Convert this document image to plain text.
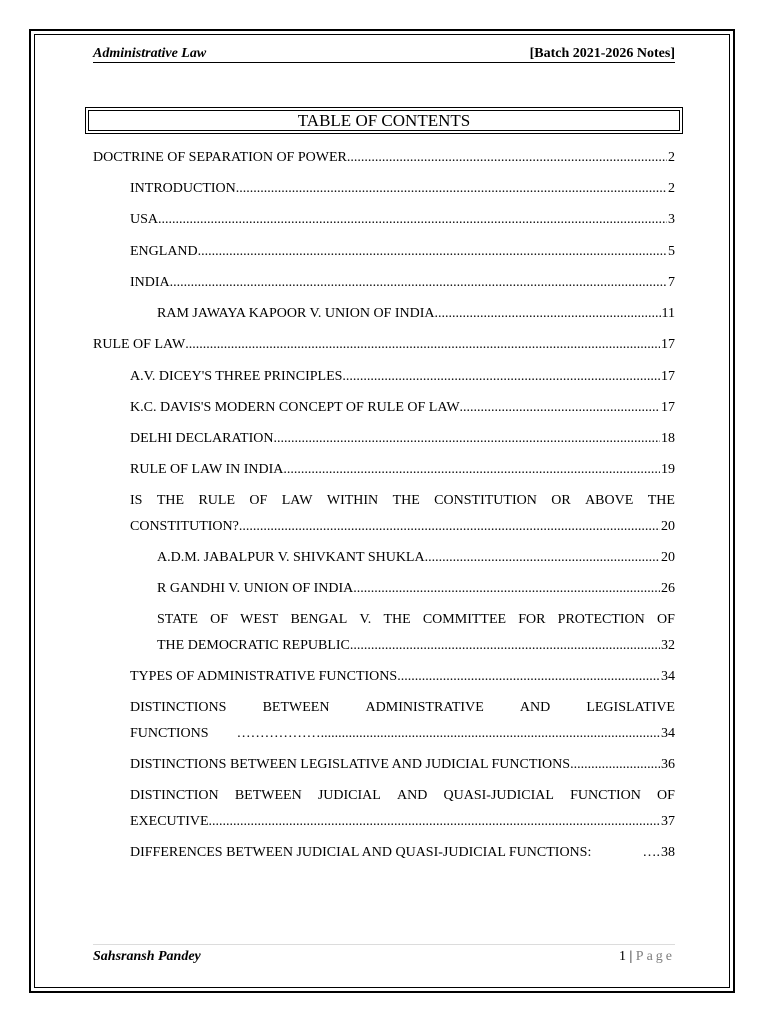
Administrative Law	[Batch 2021-2026 Notes]
TABLE OF CONTENTS
DOCTRINE OF SEPARATION OF POWER .....	2
INTRODUCTION .....	2
USA .....	3
ENGLAND .....	5
INDIA .....	7
RAM JAWAYA KAPOOR V. UNION OF INDIA .....	11
RULE OF LAW .....	17
A.V. DICEY'S THREE PRINCIPLES .....	17
K.C. DAVIS'S MODERN CONCEPT OF RULE OF LAW .....	17
DELHI DECLARATION .....	18
RULE OF LAW IN INDIA .....	19
IS THE RULE OF LAW WITHIN THE CONSTITUTION OR ABOVE THE
CONSTITUTION? .....	20
A.D.M. JABALPUR V. SHIVKANT SHUKLA .....	20
R GANDHI V. UNION OF INDIA .....	26
STATE OF WEST BENGAL V. THE COMMITTEE FOR PROTECTION OF
THE DEMOCRATIC REPUBLIC .....	32
TYPES OF ADMINISTRATIVE FUNCTIONS .....	34
DISTINCTIONS	BETWEEN	ADMINISTRATIVE	AND	LEGISLATIVE
FUNCTIONS	……………… .....	34
DISTINCTIONS BETWEEN LEGISLATIVE AND JUDICIAL FUNCTIONS .....	36
DISTINCTION BETWEEN JUDICIAL AND QUASI-JUDICIAL FUNCTION OF
EXECUTIVE .....	37
DIFFERENCES BETWEEN JUDICIAL AND QUASI-JUDICIAL FUNCTIONS:	…. 38
Sahsransh Pandey	1 | Page
